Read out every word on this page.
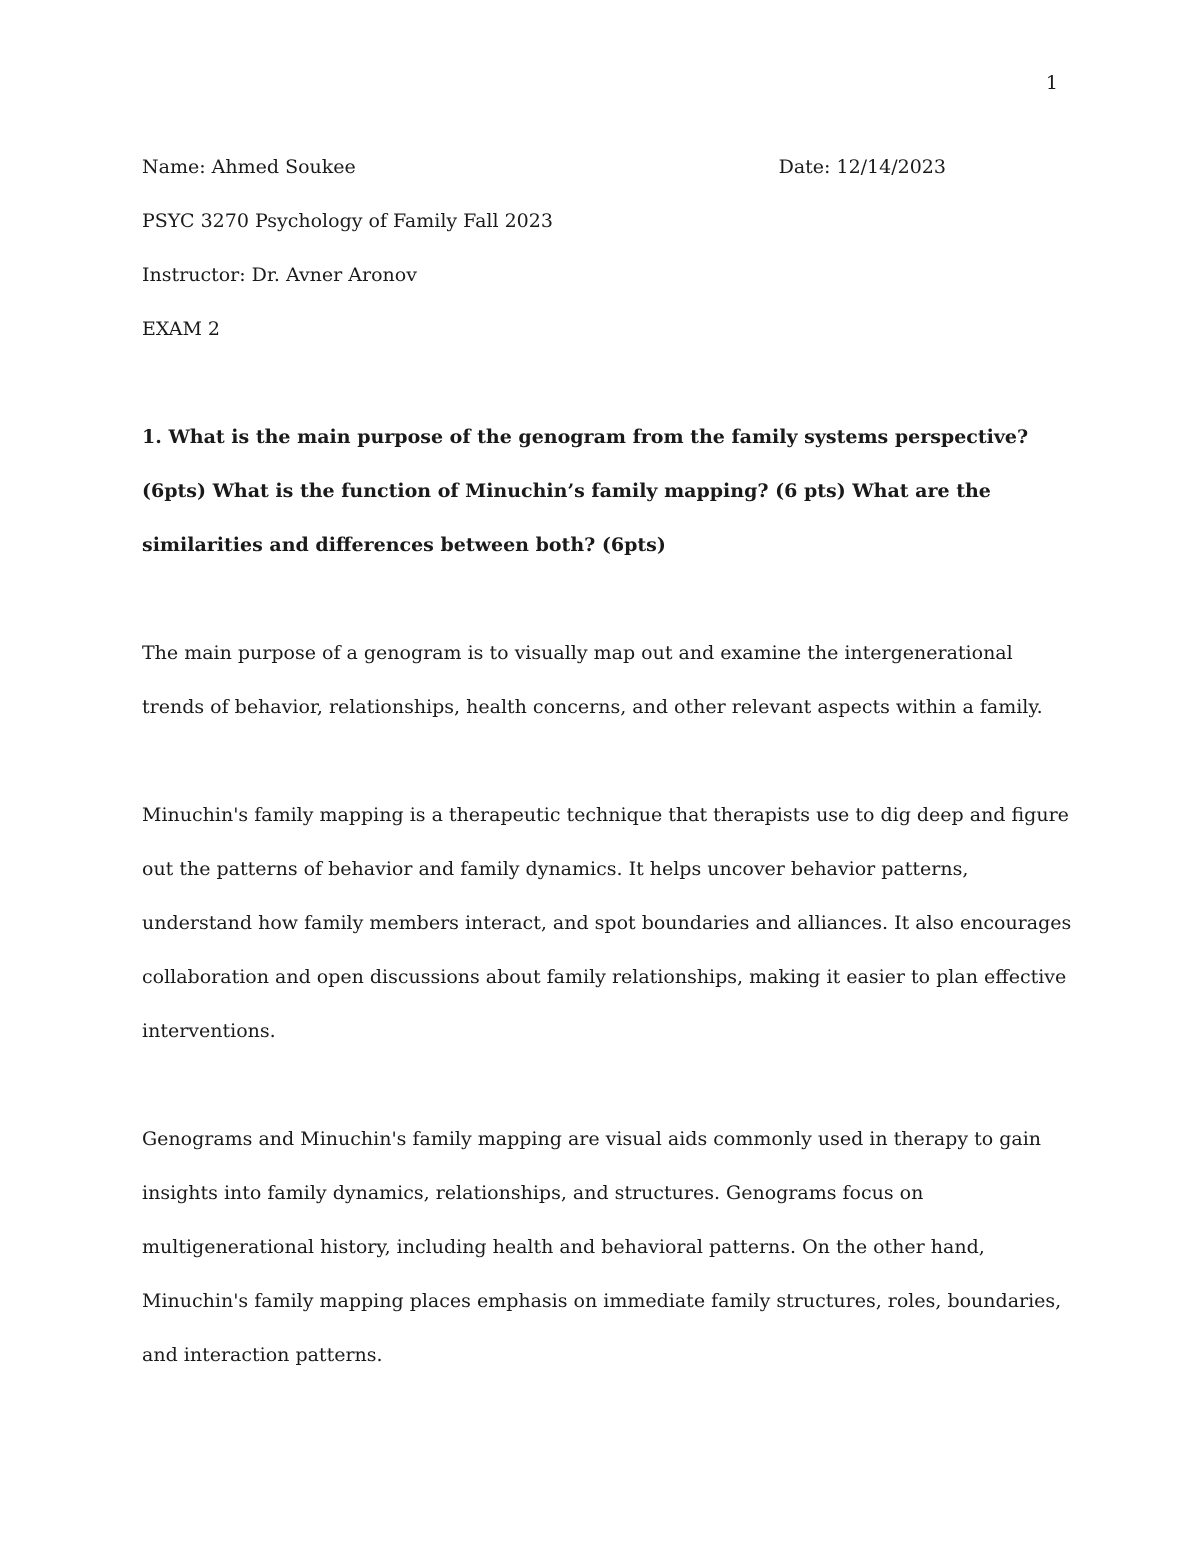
1
Name: Ahmed Soukee	Date: 12/14/2023

PSYC 3270 Psychology of Family Fall 2023

Instructor: Dr. Avner Aronov

EXAM 2

1. What is the main purpose of the genogram from the family systems perspective? (6pts) What is the function of Minuchin’s family mapping? (6 pts) What are the similarities and differences between both? (6pts)

The main purpose of a genogram is to visually map out and examine the intergenerational trends of behavior, relationships, health concerns, and other relevant aspects within a family.

Minuchin's family mapping is a therapeutic technique that therapists use to dig deep and figure out the patterns of behavior and family dynamics. It helps uncover behavior patterns, understand how family members interact, and spot boundaries and alliances. It also encourages collaboration and open discussions about family relationships, making it easier to plan effective interventions.

Genograms and Minuchin's family mapping are visual aids commonly used in therapy to gain insights into family dynamics, relationships, and structures. Genograms focus on multigenerational history, including health and behavioral patterns. On the other hand, Minuchin's family mapping places emphasis on immediate family structures, roles, boundaries, and interaction patterns.
